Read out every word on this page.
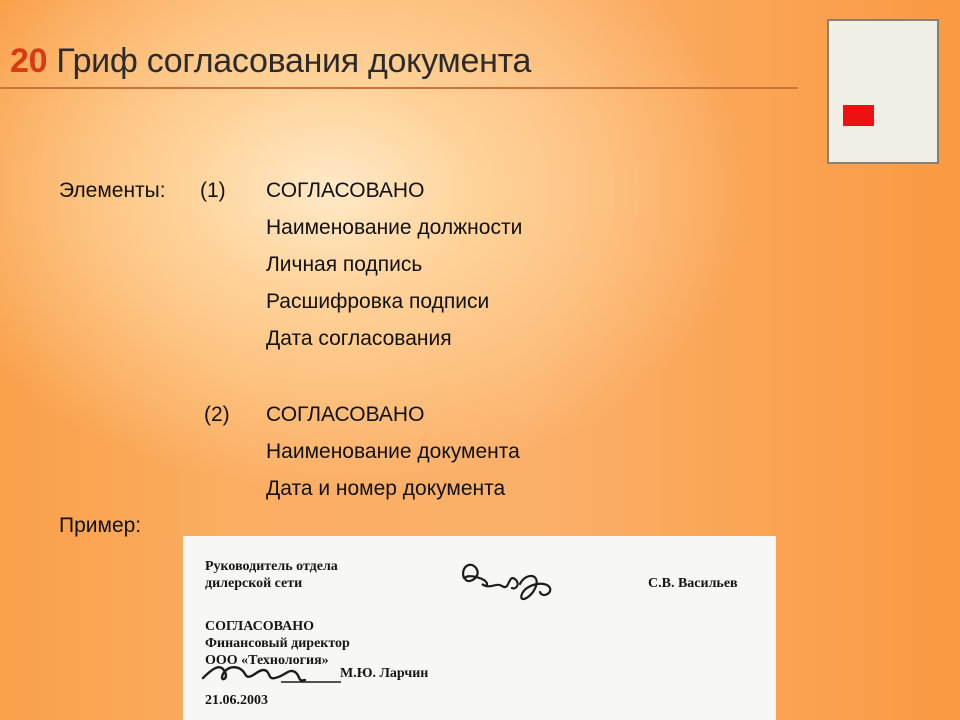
20 Гриф согласования документа
Элементы: (1) СОГЛАСОВАНО
Наименование должности
Личная подпись
Расшифровка подписи
Дата согласования
(2) СОГЛАСОВАНО
Наименование документа
Дата и номер документа
Пример:
Руководитель отдела
дилерской сети	С.В. Васильев
СОГЛАСОВАНО
Финансовый директор
ООО «Технология»
М.Ю. Ларчин
21.06.2003
